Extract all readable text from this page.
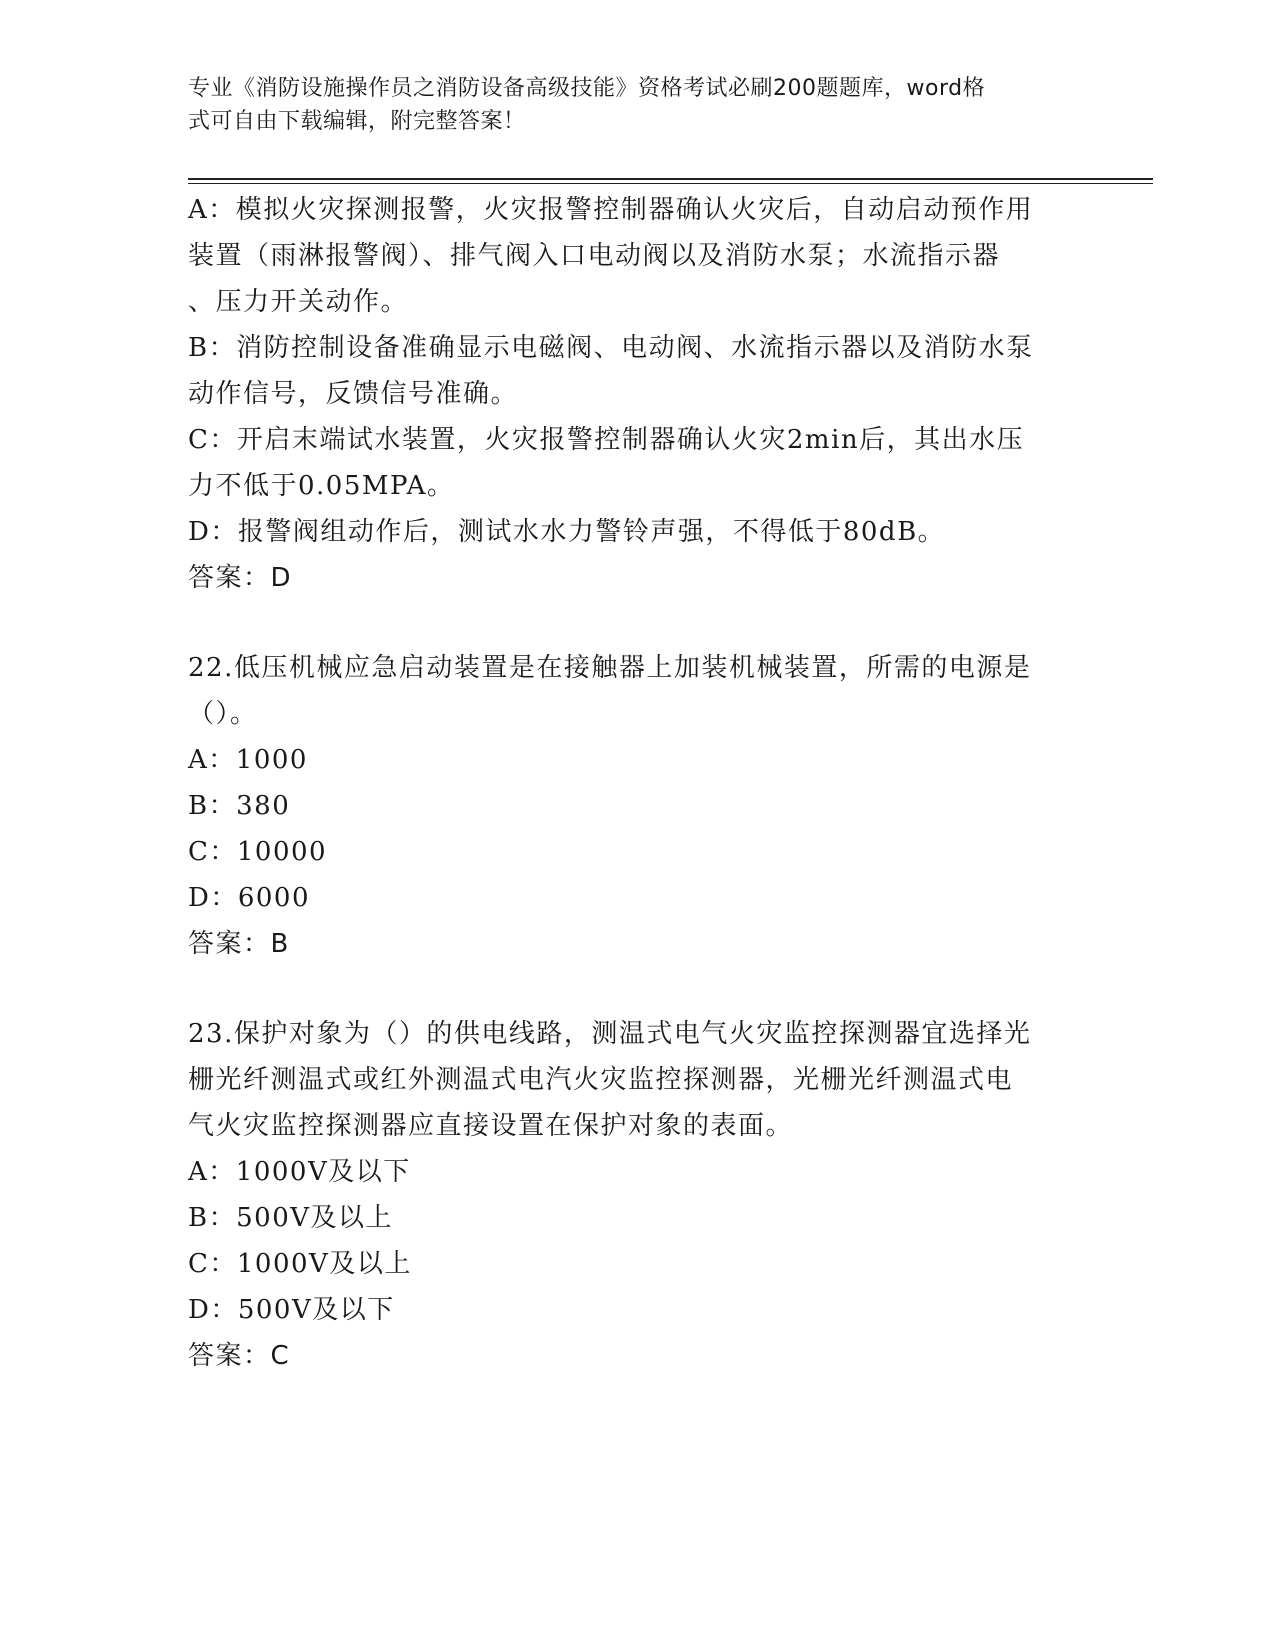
专业《消防设施操作员之消防设备高级技能》资格考试必刷200题题库，word格
式可自由下载编辑，附完整答案！

A：模拟火灾探测报警，火灾报警控制器确认火灾后，自动启动预作用

装置（雨淋报警阀）、排气阀入口电动阀以及消防水泵；水流指示器

、压力开关动作。

B：消防控制设备准确显示电磁阀、电动阀、水流指示器以及消防水泵

动作信号，反馈信号准确。

C：开启末端试水装置，火灾报警控制器确认火灾2min后，其出水压

力不低于0.05MPA。

D：报警阀组动作后，测试水水力警铃声强，不得低于80dB。

答案：D

22.低压机械应急启动装置是在接触器上加装机械装置，所需的电源是

（）。

A：1000

B：380

C：10000

D：6000

答案：B

23.保护对象为（）的供电线路，测温式电气火灾监控探测器宜选择光

栅光纤测温式或红外测温式电汽火灾监控探测器，光栅光纤测温式电

气火灾监控探测器应直接设置在保护对象的表面。

A：1000V及以下

B：500V及以上

C：1000V及以上

D：500V及以下

答案：C
